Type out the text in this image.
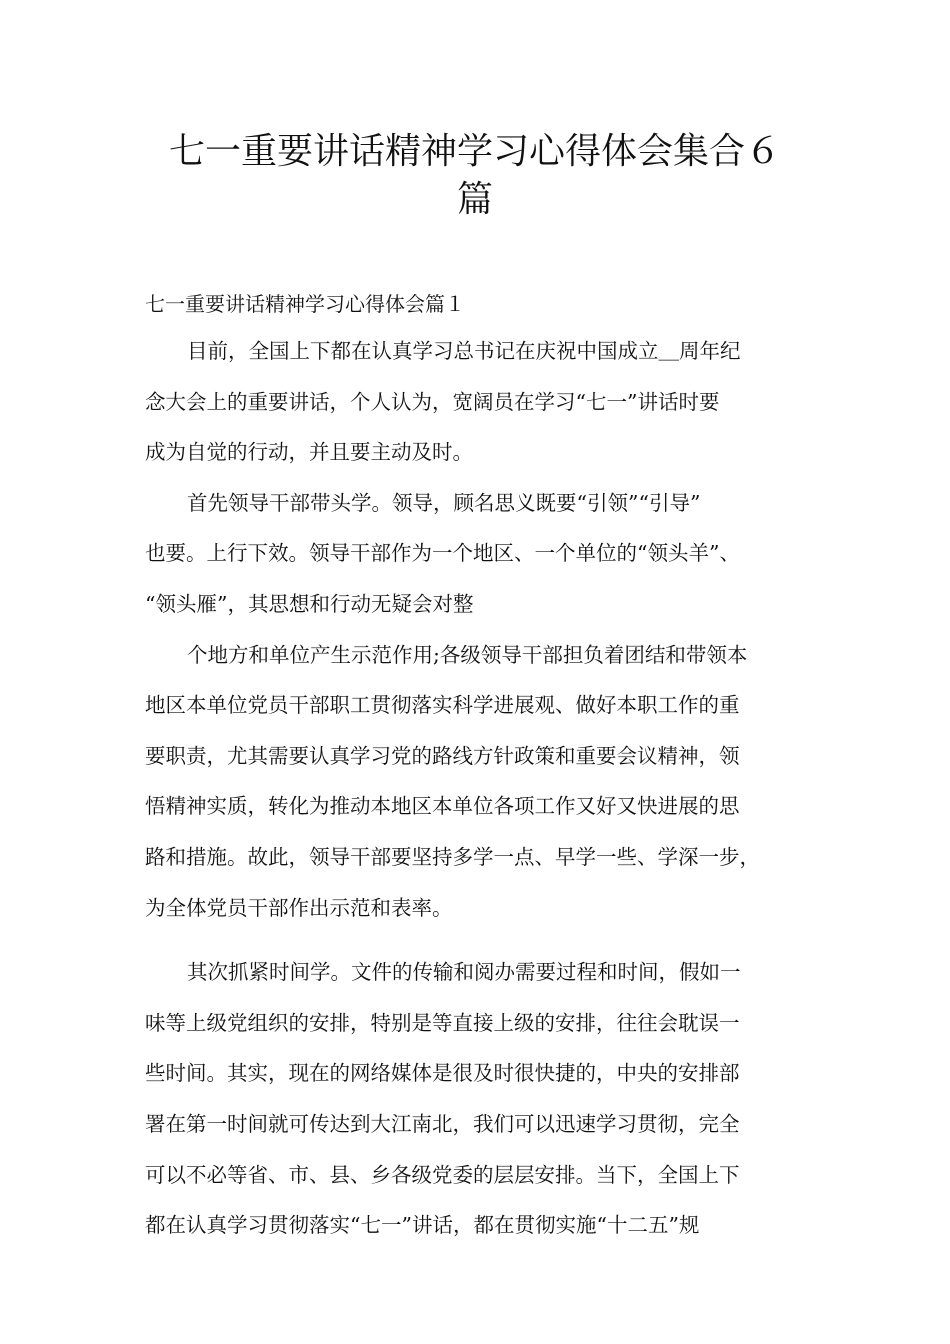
七一重要讲话精神学习心得体会集合６
篇

七一重要讲话精神学习心得体会篇１

目前，全国上下都在认真学习总书记在庆祝中国成立＿周年纪
念大会上的重要讲话，个人认为，宽阔员在学习“七一”讲话时要
成为自觉的行动，并且要主动及时。
首先领导干部带头学。领导，顾名思义既要“引领”“引导”
也要。上行下效。领导干部作为一个地区、一个单位的“领头羊”、
“领头雁”，其思想和行动无疑会对整
个地方和单位产生示范作用;各级领导干部担负着团结和带领本
地区本单位党员干部职工贯彻落实科学进展观、做好本职工作的重
要职责，尤其需要认真学习党的路线方针政策和重要会议精神，领
悟精神实质，转化为推动本地区本单位各项工作又好又快进展的思
路和措施。故此，领导干部要坚持多学一点、早学一些、学深一步，
为全体党员干部作出示范和表率。
其次抓紧时间学。文件的传输和阅办需要过程和时间，假如一
味等上级党组织的安排，特别是等直接上级的安排，往往会耽误一
些时间。其实，现在的网络媒体是很及时很快捷的，中央的安排部
署在第一时间就可传达到大江南北，我们可以迅速学习贯彻，完全
可以不必等省、市、县、乡各级党委的层层安排。当下，全国上下
都在认真学习贯彻落实“七一”讲话，都在贯彻实施“十二五”规
